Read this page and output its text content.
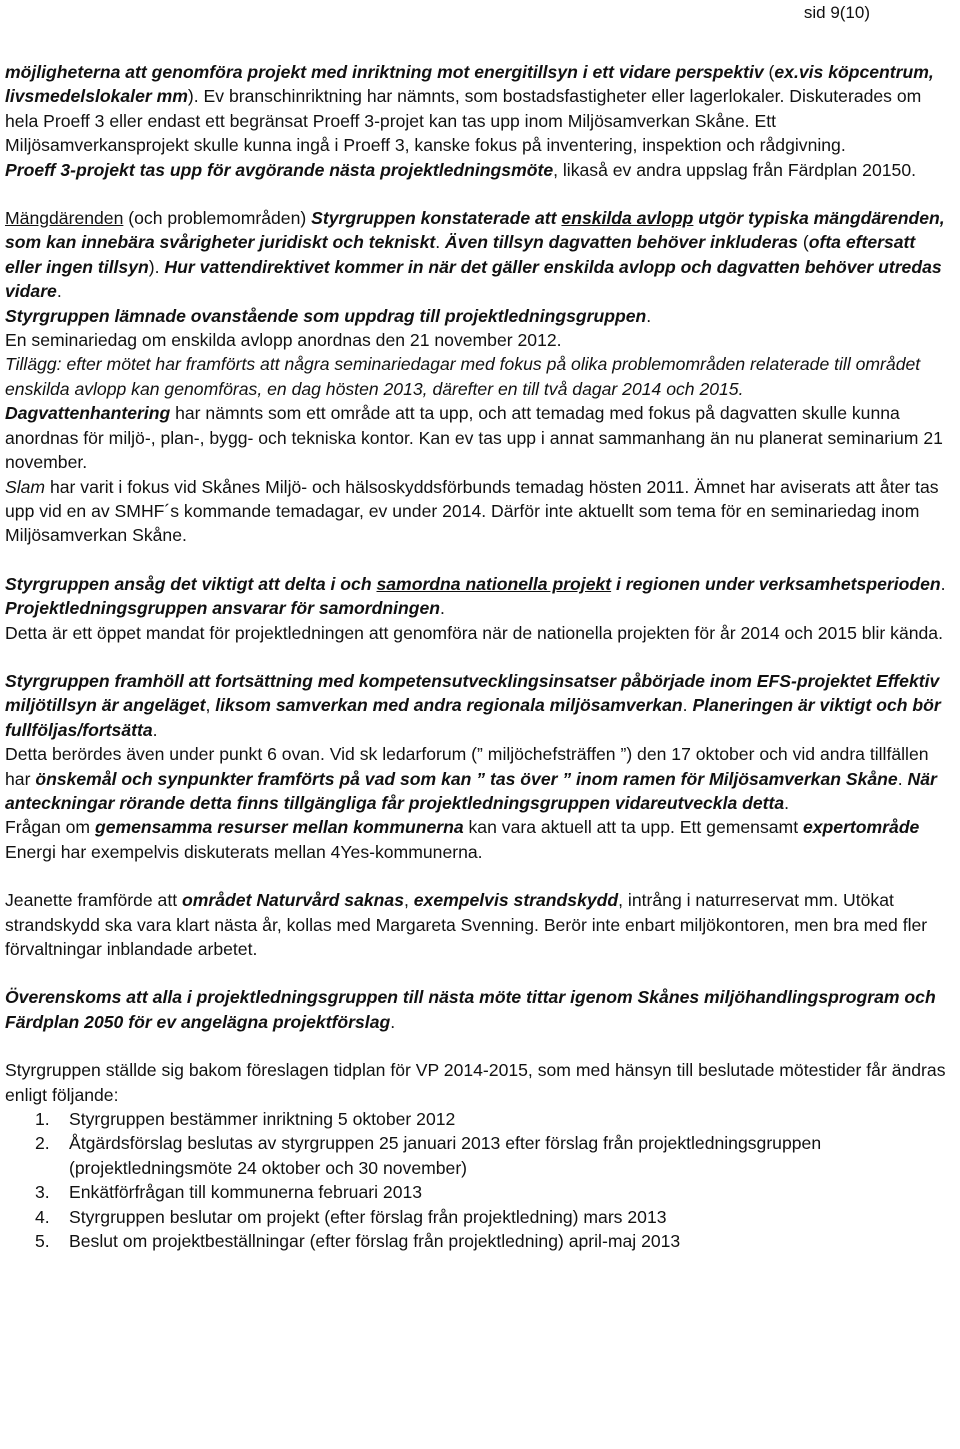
sid 9(10)

möjligheterna att genomföra projekt med inriktning mot energitillsyn i ett vidare perspektiv (ex.vis köpcentrum, livsmedelslokaler mm). Ev branschinriktning har nämnts, som bostadsfastigheter eller lagerlokaler. Diskuterades om hela Proeff 3 eller endast ett begränsat Proeff 3-projet kan tas upp inom Miljösamverkan Skåne. Ett Miljösamverkansprojekt skulle kunna ingå i Proeff 3, kanske fokus på inventering, inspektion och rådgivning.
Proeff 3-projekt tas upp för avgörande nästa projektledningsmöte, likaså ev andra uppslag från Färdplan 20150.

Mängdärenden (och problemområden) Styrgruppen konstaterade att enskilda avlopp utgör typiska mängdärenden, som kan innebära svårigheter juridiskt och tekniskt. Även tillsyn dagvatten behöver inkluderas (ofta eftersatt eller ingen tillsyn). Hur vattendirektivet kommer in när det gäller enskilda avlopp och dagvatten behöver utredas vidare.
Styrgruppen lämnade ovanstående som uppdrag till projektledningsgruppen.
En seminariedag om enskilda avlopp anordnas den 21 november 2012.
Tillägg: efter mötet har framförts att några seminariedagar med fokus på olika problemområden relaterade till området enskilda avlopp kan genomföras, en dag hösten 2013, därefter en till två dagar 2014 och 2015.
Dagvattenhantering har nämnts som ett område att ta upp, och att temadag med fokus på dagvatten skulle kunna anordnas för miljö-, plan-, bygg- och tekniska kontor. Kan ev tas upp i annat sammanhang än nu planerat seminarium 21 november.
Slam har varit i fokus vid Skånes Miljö- och hälsoskyddsförbunds temadag hösten 2011. Ämnet har aviserats att åter tas upp vid en av SMHF´s kommande temadagar, ev under 2014. Därför inte aktuellt som tema för en seminariedag inom Miljösamverkan Skåne.

Styrgruppen ansåg det viktigt att delta i och samordna nationella projekt i regionen under verksamhetsperioden. Projektledningsgruppen ansvarar för samordningen.
Detta är ett öppet mandat för projektledningen att genomföra när de nationella projekten för år 2014 och 2015 blir kända.

Styrgruppen framhöll att fortsättning med kompetensutvecklingsinsatser påbörjade inom EFS-projektet Effektiv miljötillsyn är angeläget, liksom samverkan med andra regionala miljösamverkan. Planeringen är viktigt och bör fullföljas/fortsätta.
Detta berördes även under punkt 6 ovan. Vid sk ledarforum (” miljöchefsträffen ”) den 17 oktober och vid andra tillfällen har önskemål och synpunkter framförts på vad som kan ” tas över ” inom ramen för Miljösamverkan Skåne. När anteckningar rörande detta finns tillgängliga får projektledningsgruppen vidareutveckla detta.
Frågan om gemensamma resurser mellan kommunerna kan vara aktuell att ta upp. Ett gemensamt expertområde Energi har exempelvis diskuterats mellan 4Yes-kommunerna.

Jeanette framförde att området Naturvård saknas, exempelvis strandskydd, intrång i naturreservat mm. Utökat strandskydd ska vara klart nästa år, kollas med Margareta Svenning. Berör inte enbart miljökontoren, men bra med fler förvaltningar inblandade arbetet.

Överenskoms att alla i projektledningsgruppen till nästa möte tittar igenom Skånes miljöhandlingsprogram och Färdplan 2050 för ev angelägna projektförslag.

Styrgruppen ställde sig bakom föreslagen tidplan för VP 2014-2015, som med hänsyn till beslutade mötestider får ändras enligt följande:

1. Styrgruppen bestämmer inriktning 5 oktober 2012
2. Åtgärdsförslag beslutas av styrgruppen 25 januari 2013 efter förslag från projektledningsgruppen (projektledningsmöte 24 oktober och 30 november)
3. Enkätförfrågan till kommunerna februari 2013
4. Styrgruppen beslutar om projekt (efter förslag från projektledning) mars 2013
5. Beslut om projektbeställningar (efter förslag från projektledning) april-maj 2013
